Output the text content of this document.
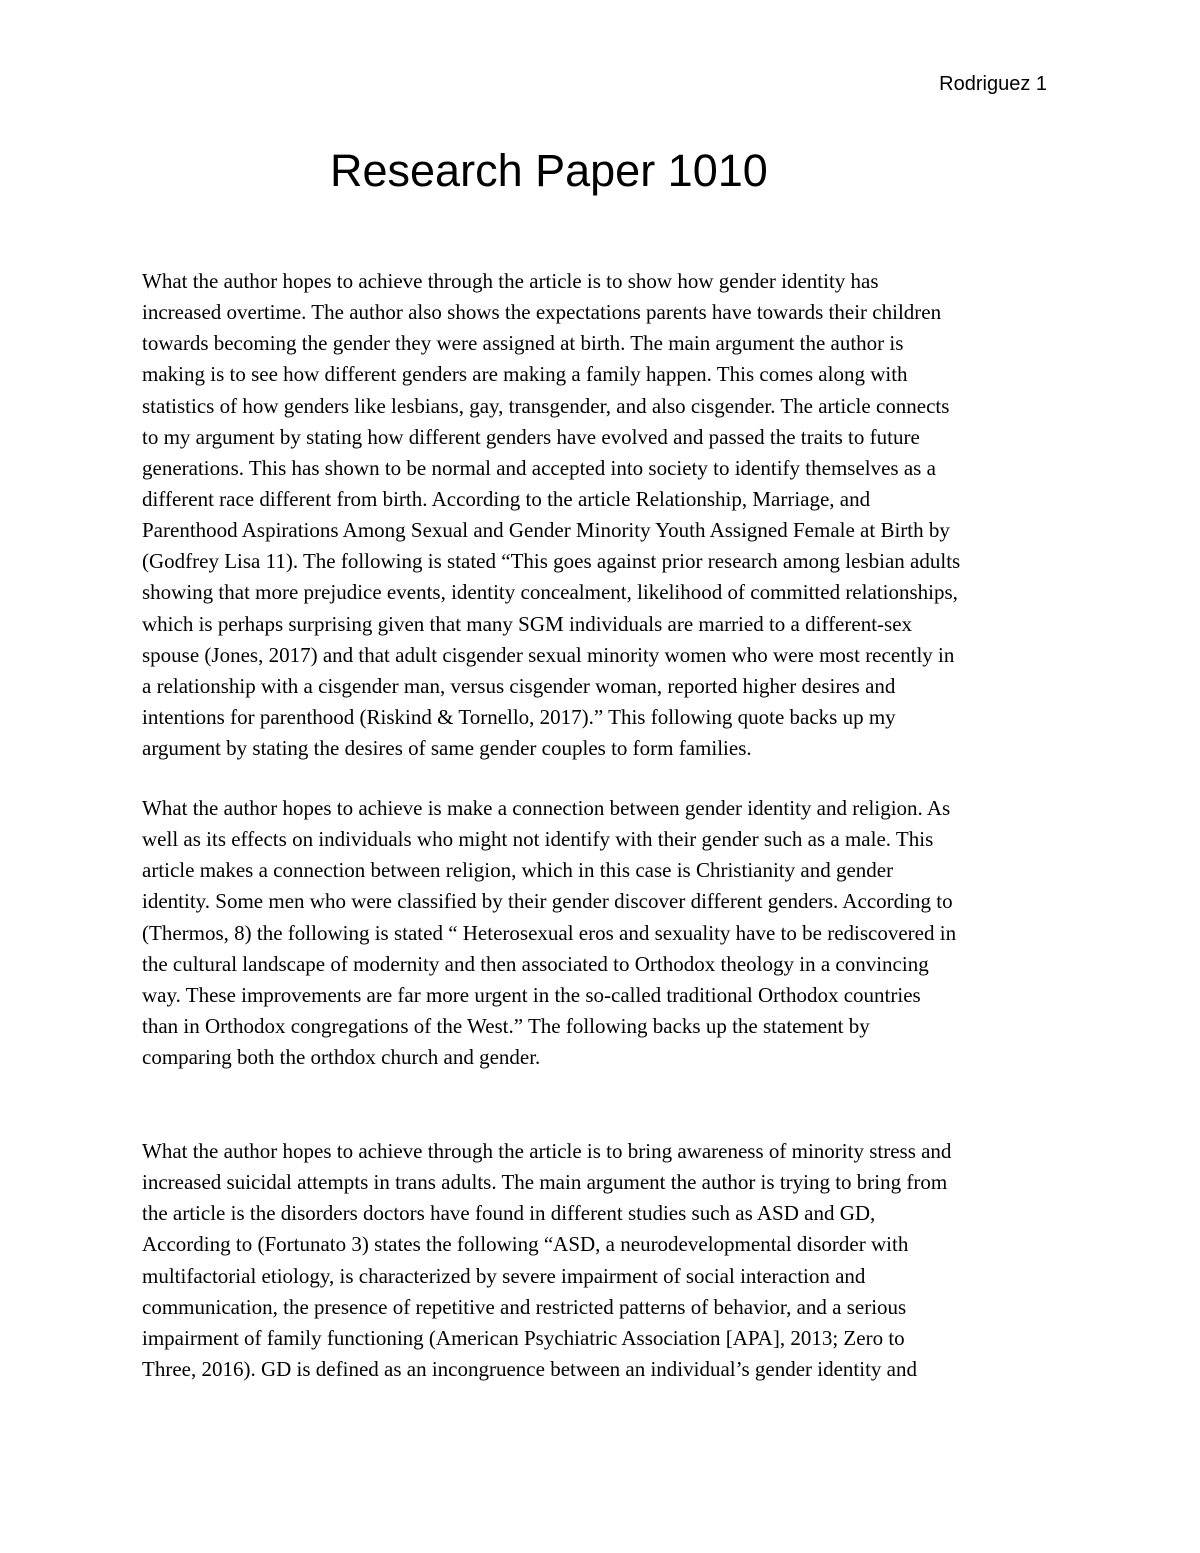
Rodriguez 1
Research Paper 1010
What the author hopes to achieve through the article is to show how gender identity has
increased overtime. The author also shows the expectations parents have towards their children
towards becoming the gender they were assigned at birth. The main argument the author is
making is to see how different genders are making a family happen. This comes along with
statistics of how genders like lesbians, gay, transgender, and also cisgender. The article connects
to my argument by stating how different genders have evolved and passed the traits to future
generations. This has shown to be normal and accepted into society to identify themselves as a
different race different from birth. According to the article Relationship, Marriage, and
Parenthood Aspirations Among Sexual and Gender Minority Youth Assigned Female at Birth by
(Godfrey Lisa 11). The following is stated “This goes against prior research among lesbian adults
showing that more prejudice events, identity concealment, likelihood of committed relationships,
which is perhaps surprising given that many SGM individuals are married to a different-sex
spouse (Jones, 2017) and that adult cisgender sexual minority women who were most recently in
a relationship with a cisgender man, versus cisgender woman, reported higher desires and
intentions for parenthood (Riskind & Tornello, 2017).” This following quote backs up my
argument by stating the desires of same gender couples to form families.
What the author hopes to achieve is make a connection between gender identity and religion. As
well as its effects on individuals who might not identify with their gender such as a male. This
article makes a connection between religion, which in this case is Christianity and gender
identity. Some men who were classified by their gender discover different genders. According to
(Thermos, 8) the following is stated “ Heterosexual eros and sexuality have to be rediscovered in
the cultural landscape of modernity and then associated to Orthodox theology in a convincing
way. These improvements are far more urgent in the so-called traditional Orthodox countries
than in Orthodox congregations of the West.” The following backs up the statement by
comparing both the orthdox church and gender.
What the author hopes to achieve through the article is to bring awareness of minority stress and
increased suicidal attempts in trans adults. The main argument the author is trying to bring from
the article is the disorders doctors have found in different studies such as ASD and GD,
According to (Fortunato 3) states the following “ASD, a neurodevelopmental disorder with
multifactorial etiology, is characterized by severe impairment of social interaction and
communication, the presence of repetitive and restricted patterns of behavior, and a serious
impairment of family functioning (American Psychiatric Association [APA], 2013; Zero to
Three, 2016). GD is defined as an incongruence between an individual’s gender identity and
